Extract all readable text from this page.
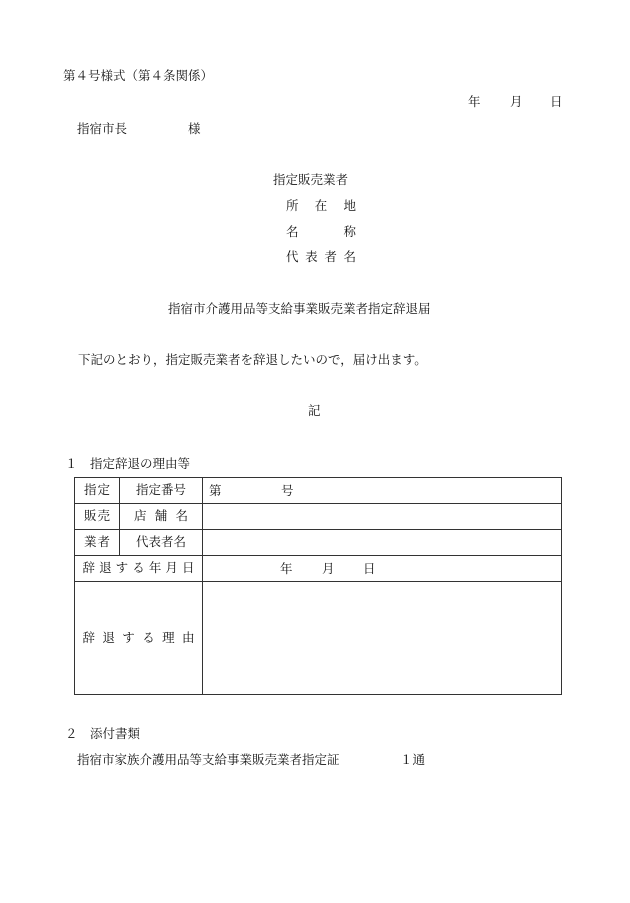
第４号様式（第４条関係）
年 月 日
指宿市長	様
指定販売業者
所在地
名称
代表者名
指宿市介護用品等支給事業販売業者指定辞退届
下記のとおり，指定販売業者を辞退したいので，届け出ます。
記
１ 指定辞退の理由等
指定	指定番号	第 号

販売	店舗名	
業者	代表者名	
辞退する年月日		年 月 日

辞退する理由		
２ 添付書類
指宿市家族介護用品等支給事業販売業者指定証	１通
